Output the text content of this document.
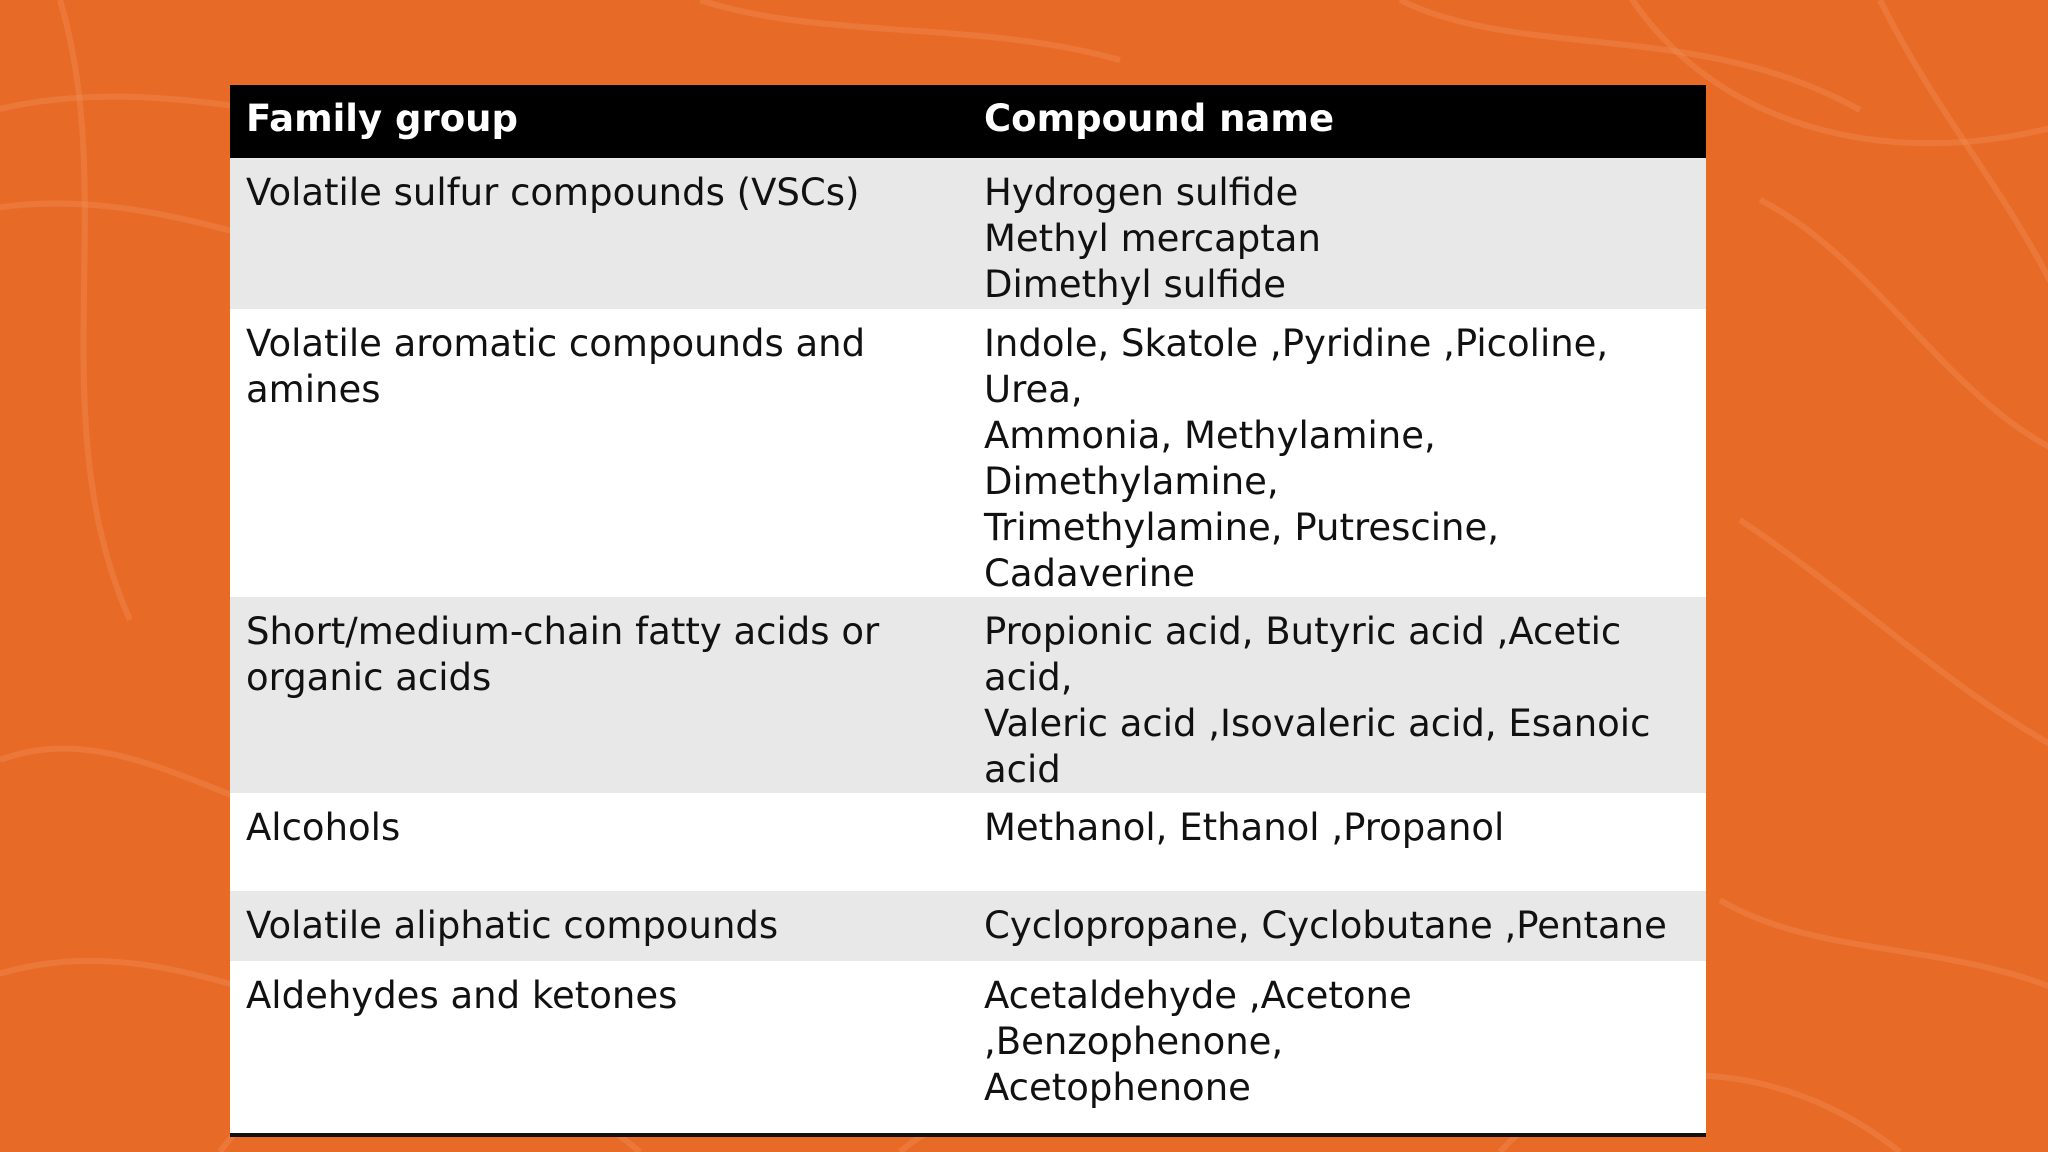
Family group	Compound name
Volatile sulfur compounds (VSCs)	Hydrogen sulfide
Methyl mercaptan
Dimethyl sulfide
Volatile aromatic compounds and amines	Indole, Skatole ,Pyridine ,Picoline, Urea,
Ammonia, Methylamine, Dimethylamine,
Trimethylamine, Putrescine, Cadaverine
Short/medium-chain fatty acids or
organic acids	Propionic acid, Butyric acid ,Acetic acid,
Valeric acid ,Isovaleric acid, Esanoic acid
Alcohols	Methanol, Ethanol ,Propanol
Volatile aliphatic compounds	Cyclopropane, Cyclobutane ,Pentane
Aldehydes and ketones	Acetaldehyde ,Acetone ,Benzophenone,
Acetophenone
